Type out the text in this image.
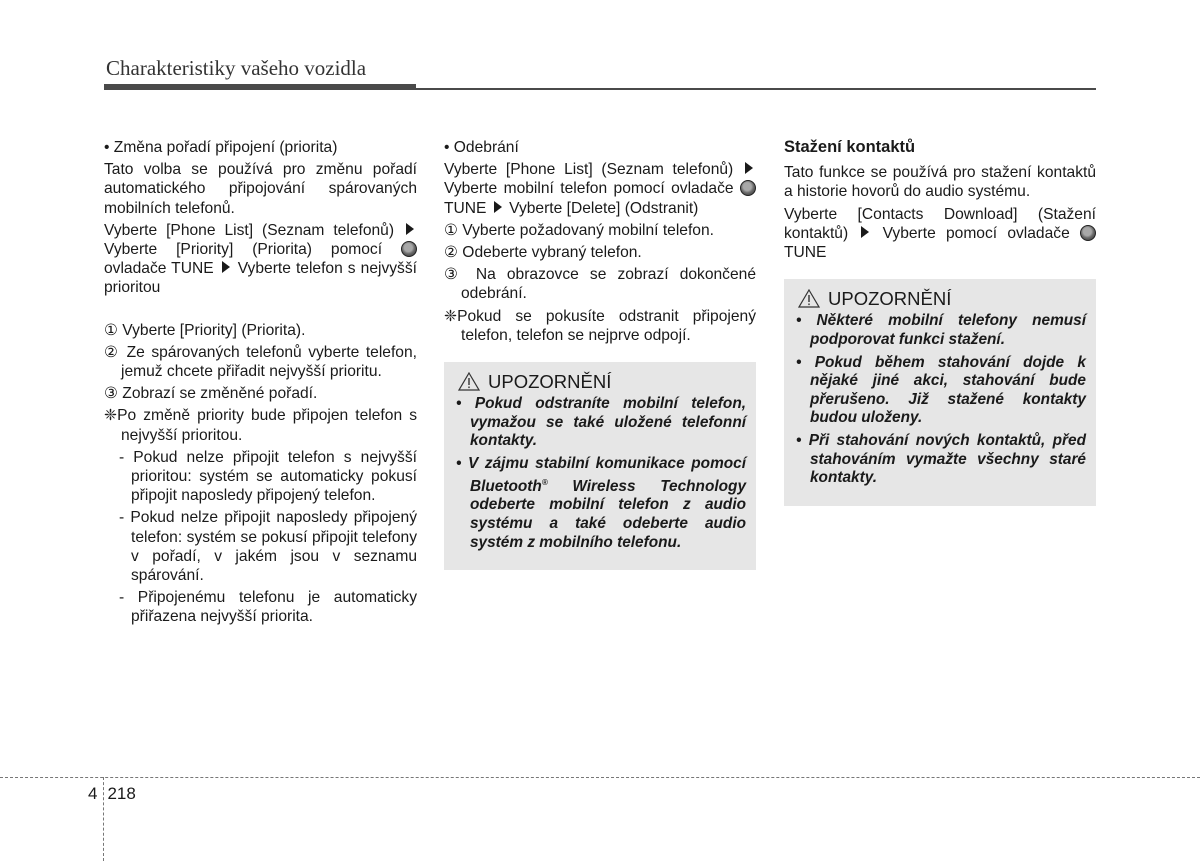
Charakteristiky vašeho vozidla

• Změna pořadí připojení (priorita)

Tato volba se používá pro změnu pořadí automatického připojování spárovaných mobilních telefonů.

Vyberte [Phone List] (Seznam telefonů) Vyberte [Priority] (Priorita) pomocí  ovladače TUNE Vyberte telefon s nejvyšší prioritou

① Vyberte [Priority] (Priorita).

② Ze spárovaných telefonů vyberte telefon, jemuž chcete přiřadit nejvyšší prioritu.

③ Zobrazí se změněné pořadí.

❈Po změně priority bude připojen telefon s nejvyšší prioritou.

- Pokud nelze připojit telefon s nejvyšší prioritou: systém se automaticky pokusí připojit naposledy připojený telefon.

- Pokud nelze připojit naposledy připojený telefon: systém se pokusí připojit telefony v pořadí, v jakém jsou v seznamu spárování.

- Připojenému telefonu je automaticky přiřazena nejvyšší priorita.

• Odebrání

Vyberte [Phone List] (Seznam telefonů)  Vyberte mobilní telefon pomocí ovladače  TUNE Vyberte [Delete] (Odstranit)

① Vyberte požadovaný mobilní telefon.

② Odeberte vybraný telefon.

③ Na obrazovce se zobrazí dokončené odebrání.

❈Pokud se pokusíte odstranit připojený telefon, telefon se nejprve odpojí.

UPOZORNĚNÍ

• Pokud odstraníte mobilní telefon, vymažou se také uložené telefonní kontakty.

• V zájmu stabilní komunikace pomocí Bluetooth® Wireless Technology odeberte mobilní telefon z audio systému a také odeberte audio systém z mobilního telefonu.

Stažení kontaktů

Tato funkce se používá pro stažení kontaktů a historie hovorů do audio systému.

Vyberte [Contacts Download] (Stažení kontaktů) Vyberte pomocí ovladače  TUNE

UPOZORNĚNÍ

• Některé mobilní telefony nemusí podporovat funkci stažení.

• Pokud během stahování dojde k nějaké jiné akci, stahování bude přerušeno. Již stažené kontakty budou uloženy.

• Při stahování nových kontaktů, před stahováním vymažte všechny staré kontakty.

4 218
